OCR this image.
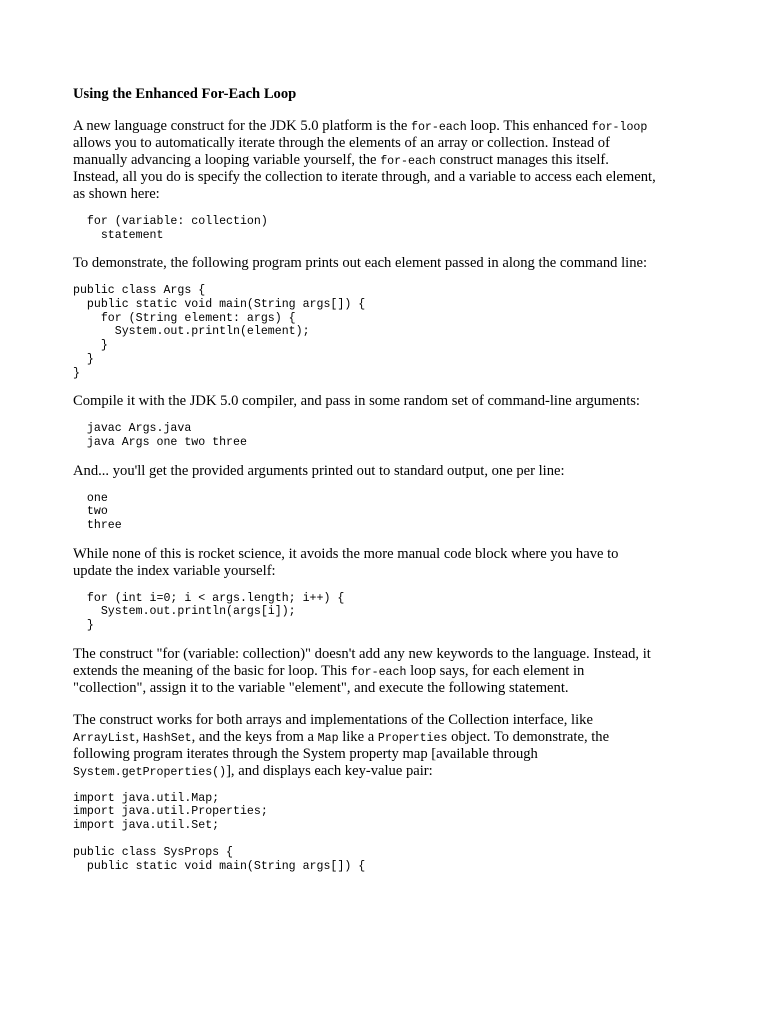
Using the Enhanced For-Each Loop
A new language construct for the JDK 5.0 platform is the for-each loop. This enhanced for-loop
allows you to automatically iterate through the elements of an array or collection. Instead of
manually advancing a looping variable yourself, the for-each construct manages this itself.
Instead, all you do is specify the collection to iterate through, and a variable to access each element,
as shown here:
for (variable: collection)
statement
To demonstrate, the following program prints out each element passed in along the command line:
public class Args {
public static void main(String args[]) {
for (String element: args) {
System.out.println(element);
}
}
}
Compile it with the JDK 5.0 compiler, and pass in some random set of command-line arguments:
javac Args.java
java Args one two three
And... you'll get the provided arguments printed out to standard output, one per line:
one
two
three
While none of this is rocket science, it avoids the more manual code block where you have to
update the index variable yourself:
for (int i=0; i < args.length; i++) {
System.out.println(args[i]);
}
The construct "for (variable: collection)" doesn't add any new keywords to the language. Instead, it
extends the meaning of the basic for loop. This for-each loop says, for each element in
"collection", assign it to the variable "element", and execute the following statement.
The construct works for both arrays and implementations of the Collection interface, like
ArrayList, HashSet, and the keys from a Map like a Properties object. To demonstrate, the
following program iterates through the System property map [available through
System.getProperties()], and displays each key-value pair:
import java.util.Map;
import java.util.Properties;
import java.util.Set;
public class SysProps {
public static void main(String args[]) {
